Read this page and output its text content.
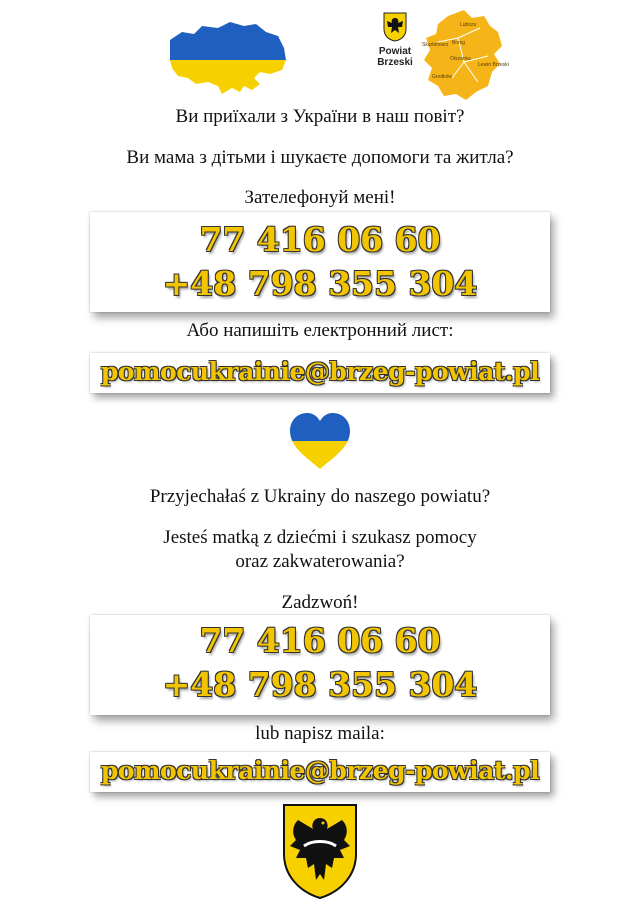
Powiat Brzeski
Lubsza
Skarbimierz Brzeg
Olszanka
Lewin Brzeski
Grodków
Ви приїхали з України в наш повіт?
Ви мама з дітьми і шукаєте допомоги та житла?
Зателефонуй мені!
77 416 06 60
+48 798 355 304
Або напишіть електронний лист:
pomocukrainie@brzeg-powiat.pl
Przyjechałaś z Ukrainy do naszego powiatu?
Jesteś matką z dziećmi i szukasz pomocy
oraz zakwaterowania?
Zadzwoń!
77 416 06 60
+48 798 355 304
lub napisz maila:
pomocukrainie@brzeg-powiat.pl
